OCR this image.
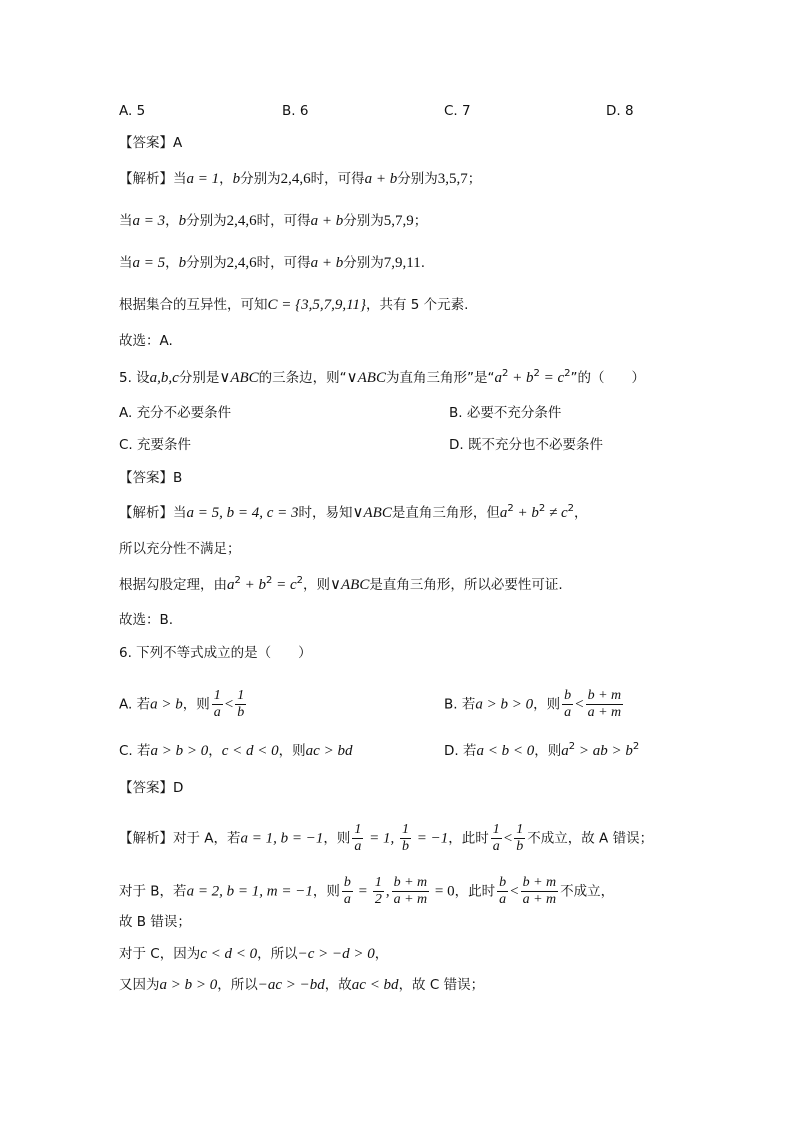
A. 5	B. 6	C. 7	D. 8
【答案】A
【解析】当a = 1，b分别为2,4,6时，可得a + b分别为3,5,7；
当a = 3，b分别为2,4,6时，可得a + b分别为5,7,9；
当a = 5，b分别为2,4,6时，可得a + b分别为7,9,11.
根据集合的互异性，可知C = {3,5,7,9,11}，共有 5 个元素.
故选：A.
5. 设a,b,c分别是∨ABC的三条边，则“∨ABC为直角三角形”是“$a^2 + b^2 = c^2$”的（　　）
A. 充分不必要条件	B. 必要不充分条件
C. 充要条件	D. 既不充分也不必要条件
【答案】B
【解析】当a = 5, b = 4, c = 3时，易知∨ABC是直角三角形，但$a^2 + b^2 \ne c^2$，
所以充分性不满足；
根据勾股定理，由$a^2 + b^2 = c^2$，则∨ABC是直角三角形，所以必要性可证.
故选：B.
6. 下列不等式成立的是（　　）
A. 若a > b，则 $\frac{1}{a} < \frac{1}{b}$	B. 若a > b > 0，则 $\frac{b}{a} < \frac{b + m}{a + m}$
C. 若a > b > 0，c < d < 0，则ac > bd	D. 若a < b < 0，则$a^2$ > ab > $b^2$
【答案】D
【解析】对于 A，若a = 1, b = −1，则 $\frac{1}{a} = 1$, $\frac{1}{b} = -1$，此时 $\frac{1}{a} < \frac{1}{b}$ 不成立，故 A 错误；
对于 B，若a = 2, b = 1, m = −1，则 $\frac{b}{a} = \frac{1}{2}$ , $\frac{b + m}{a + m} = 0$，此时 $\frac{b}{a} < \frac{b + m}{a + m}$ 不成立，
故 B 错误；
对于 C，因为c < d < 0，所以−c > −d > 0，
又因为a > b > 0，所以−ac > −bd，故ac < bd，故 C 错误；
